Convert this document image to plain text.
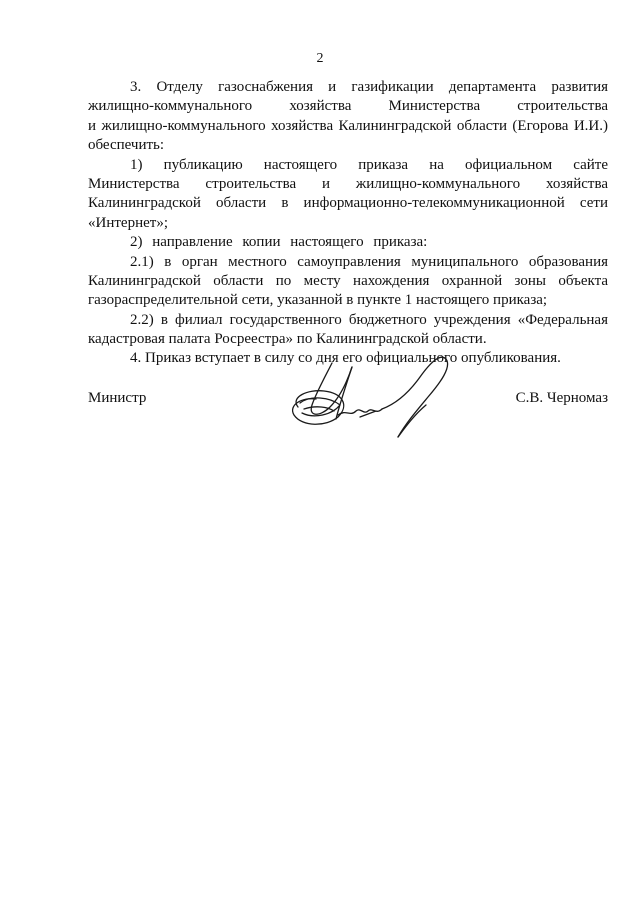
2
3. Отделу газоснабжения и газификации департамента развития
жилищно-коммунального хозяйства Министерства строительства
и жилищно-коммунального хозяйства Калининградской области (Егорова И.И.)
обеспечить:
1) публикацию настоящего приказа на официальном сайте
Министерства строительства и жилищно-коммунального хозяйства
Калининградской области в информационно-телекоммуникационной сети
«Интернет»;
2) направление копии настоящего приказа:
2.1) в орган местного самоуправления муниципального образования
Калининградской области по месту нахождения охранной зоны объекта
газораспределительной сети, указанной в пункте 1 настоящего приказа;
2.2) в филиал государственного бюджетного учреждения «Федеральная
кадастровая палата Росреестра» по Калининградской области.
4. Приказ вступает в силу со дня его официального опубликования.
Министр	С.В. Черномаз
